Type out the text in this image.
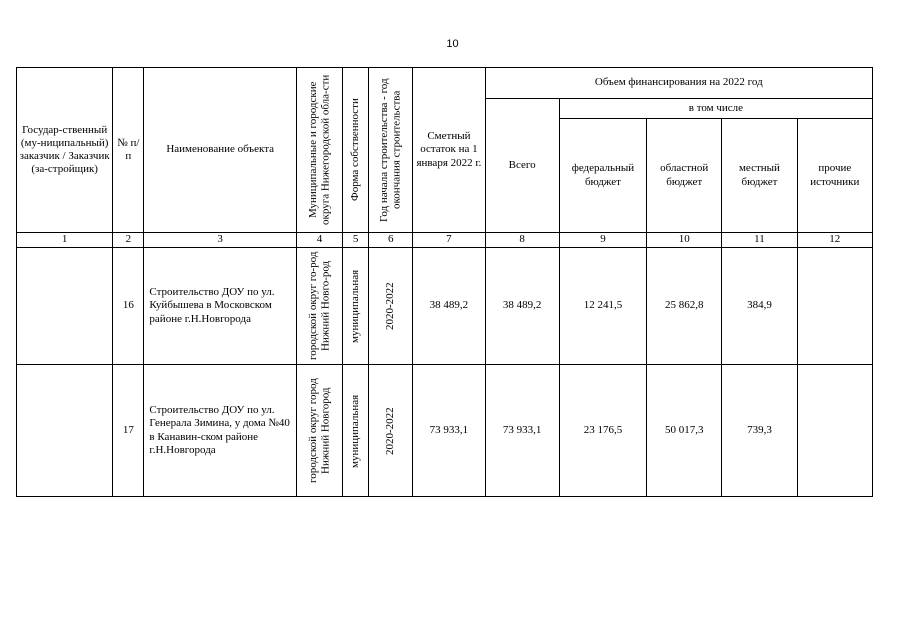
10
Государ-ственный (му-ниципальный) заказчик / Заказчик (за-стройщик)	№ п/п	Наименование объекта	Муниципальные и городские округа Нижегородской обла-сти	Форма собственности	Год начала строительства - год окончания строительства	Сметный остаток на 1 января 2022 г.	Объем финансирования на 2022 год				
							Всего	в том числе			
								федеральный бюджет	областной бюджет	местный бюджет	прочие источники
1	2	3	4	5	6	7	8	9	10	11	12
	16	Строительство ДОУ по ул. Куйбышева в Московском районе г.Н.Новгорода	городской округ го-род Нижний Новго-род	муниципальная	2020-2022	38 489,2	38 489,2	12 241,5	25 862,8	384,9	
	17	Строительство ДОУ по ул. Генерала Зимина, у дома №40 в Канавин-ском районе г.Н.Новгорода	городской округ город Нижний Новгород	муниципальная	2020-2022	73 933,1	73 933,1	23 176,5	50 017,3	739,3	
